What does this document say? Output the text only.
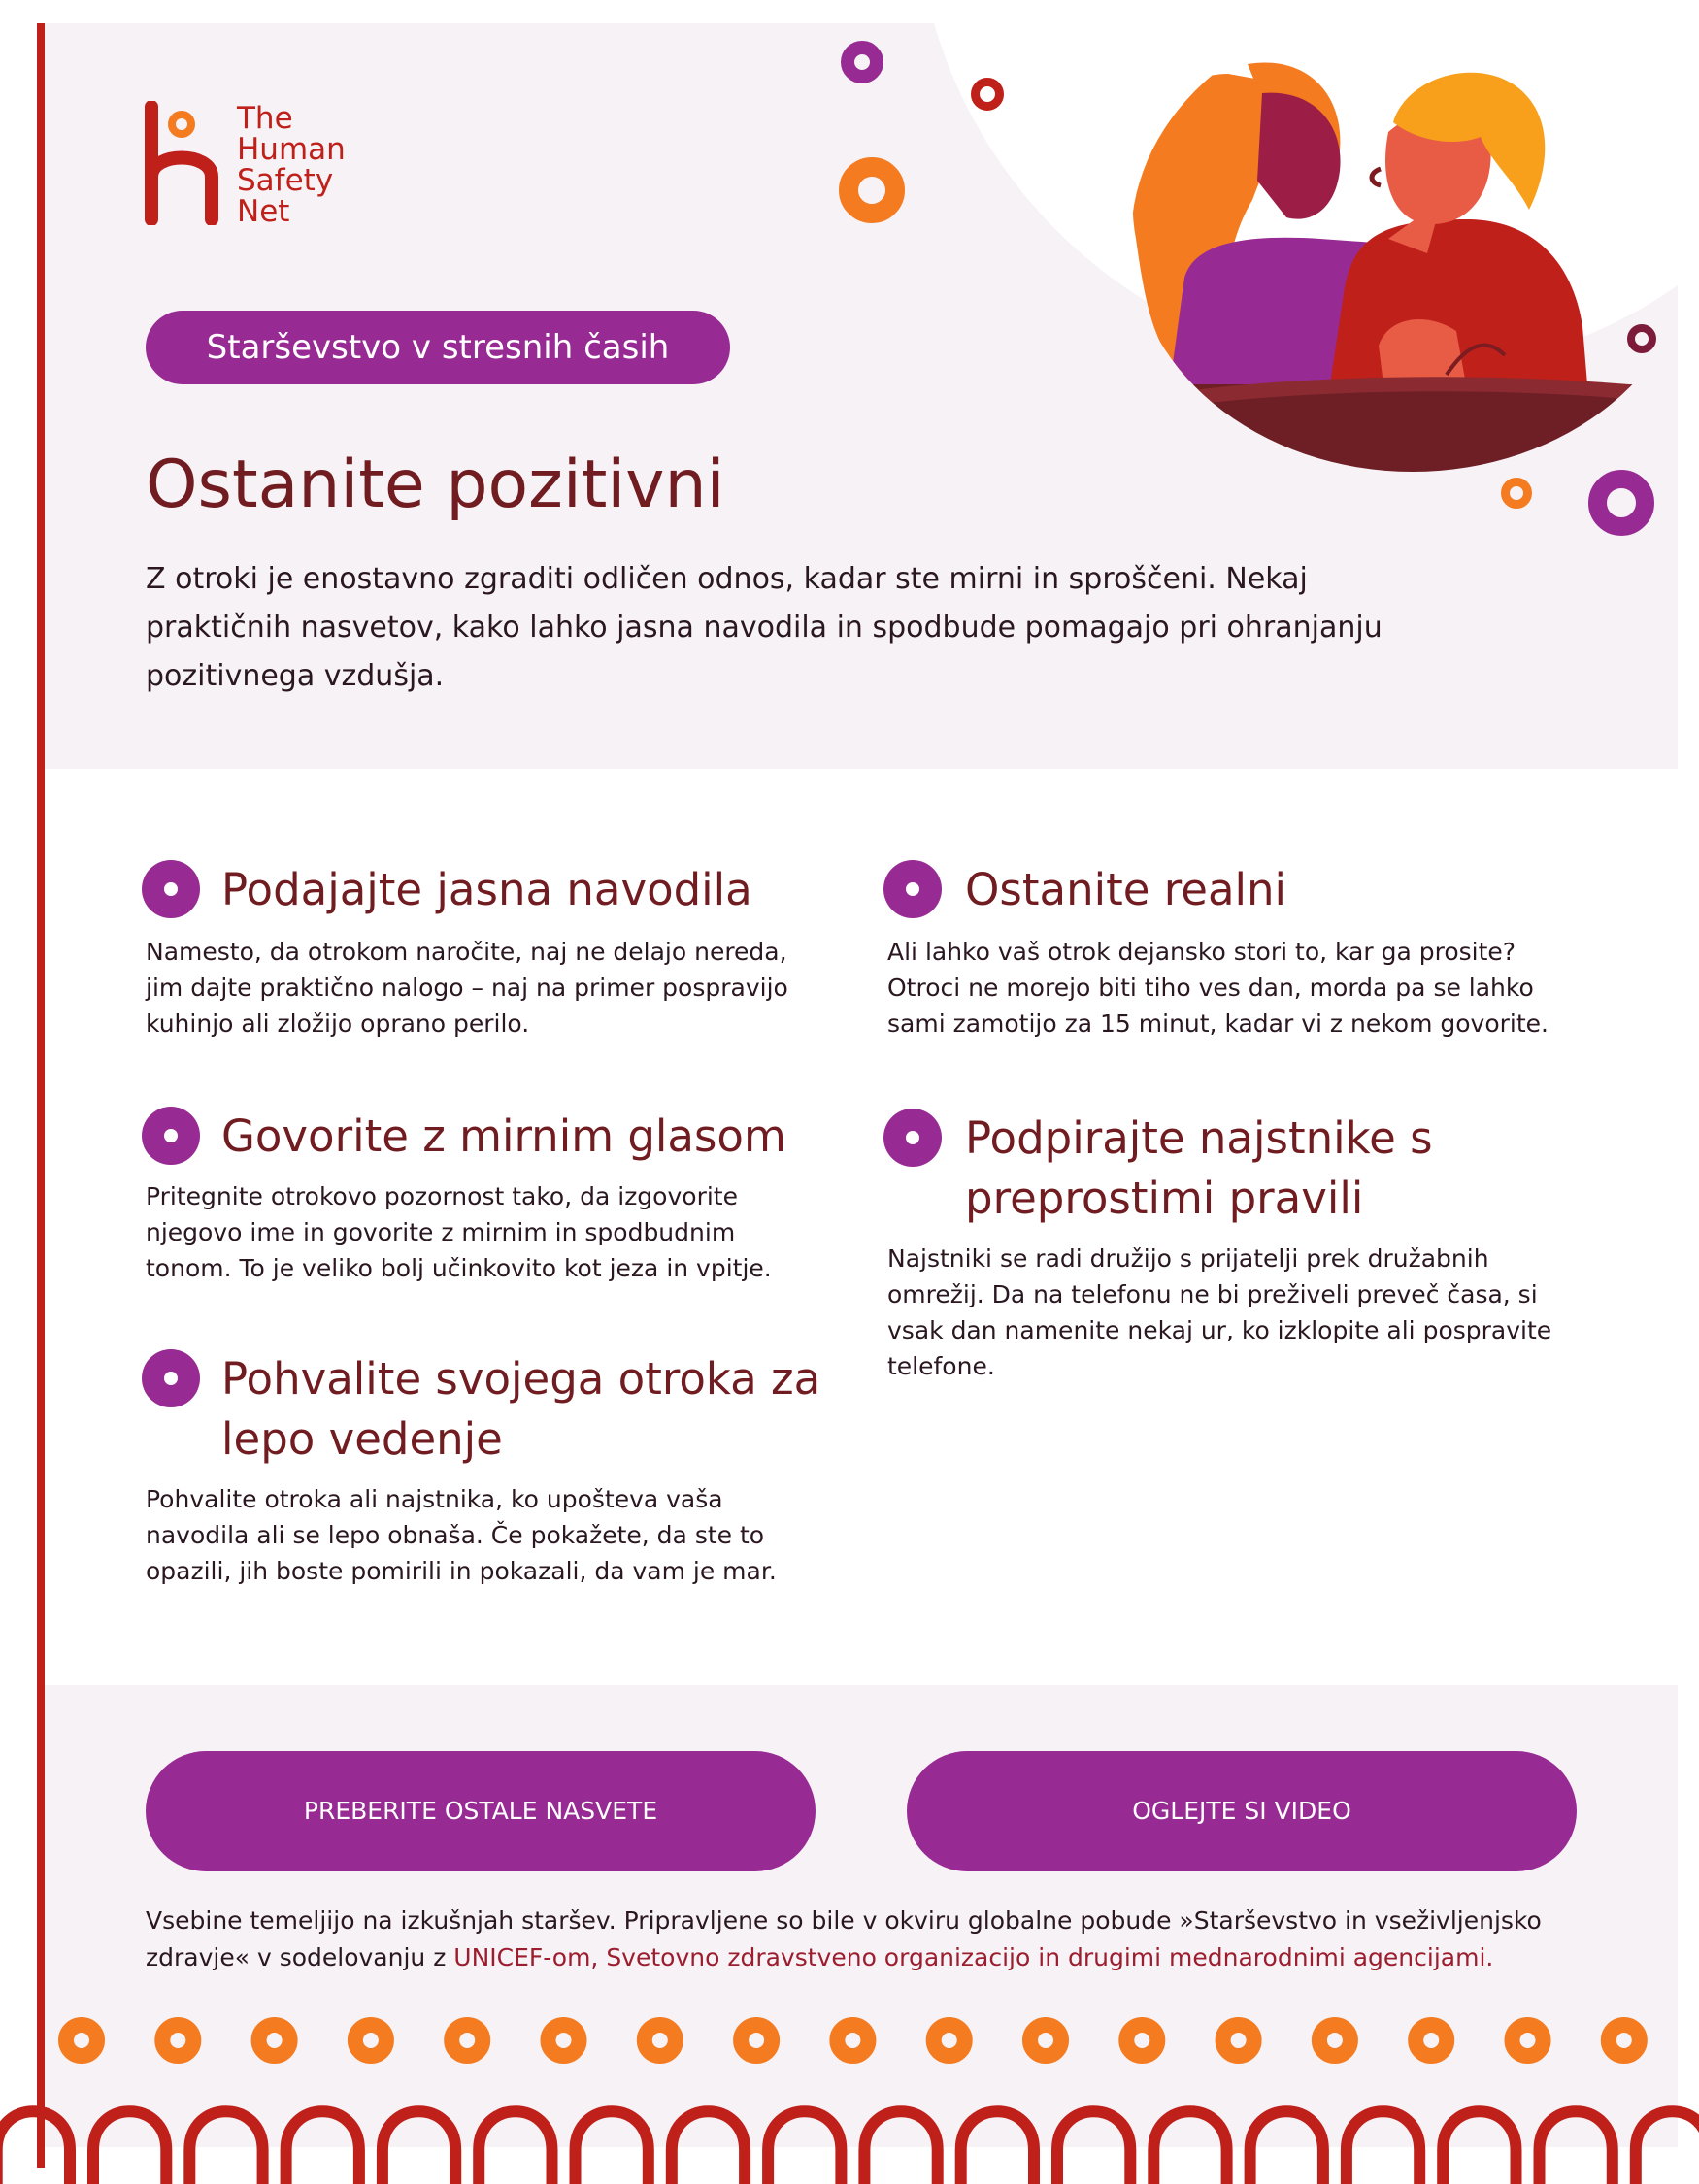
The
Human
Safety
Net
Starševstvo v stresnih časih
Ostanite pozitivni
Z otroki je enostavno zgraditi odličen odnos, kadar ste mirni in sproščeni. Nekaj praktičnih nasvetov, kako lahko jasna navodila in spodbude pomagajo pri ohranjanju pozitivnega vzdušja.
Podajajte jasna navodila
Namesto, da otrokom naročite, naj ne delajo nereda, jim dajte praktično nalogo – naj na primer pospravijo kuhinjo ali zložijo oprano perilo.
Govorite z mirnim glasom
Pritegnite otrokovo pozornost tako, da izgovorite njegovo ime in govorite z mirnim in spodbudnim tonom. To je veliko bolj učinkovito kot jeza in vpitje.
Pohvalite svojega otroka za lepo vedenje
Pohvalite otroka ali najstnika, ko upošteva vaša navodila ali se lepo obnaša. Če pokažete, da ste to opazili, jih boste pomirili in pokazali, da vam je mar.
Ostanite realni
Ali lahko vaš otrok dejansko stori to, kar ga prosite? Otroci ne morejo biti tiho ves dan, morda pa se lahko sami zamotijo za 15 minut, kadar vi z nekom govorite.
Podpirajte najstnike s preprostimi pravili
Najstniki se radi družijo s prijatelji prek družabnih omrežij. Da na telefonu ne bi preživeli preveč časa, si vsak dan namenite nekaj ur, ko izklopite ali pospravite telefone.
PREBERITE OSTALE NASVETE	OGLEJTE SI VIDEO
Vsebine temeljijo na izkušnjah staršev. Pripravljene so bile v okviru globalne pobude »Starševstvo in vseživljenjsko zdravje« v sodelovanju z UNICEF-om, Svetovno zdravstveno organizacijo in drugimi mednarodnimi agencijami.
